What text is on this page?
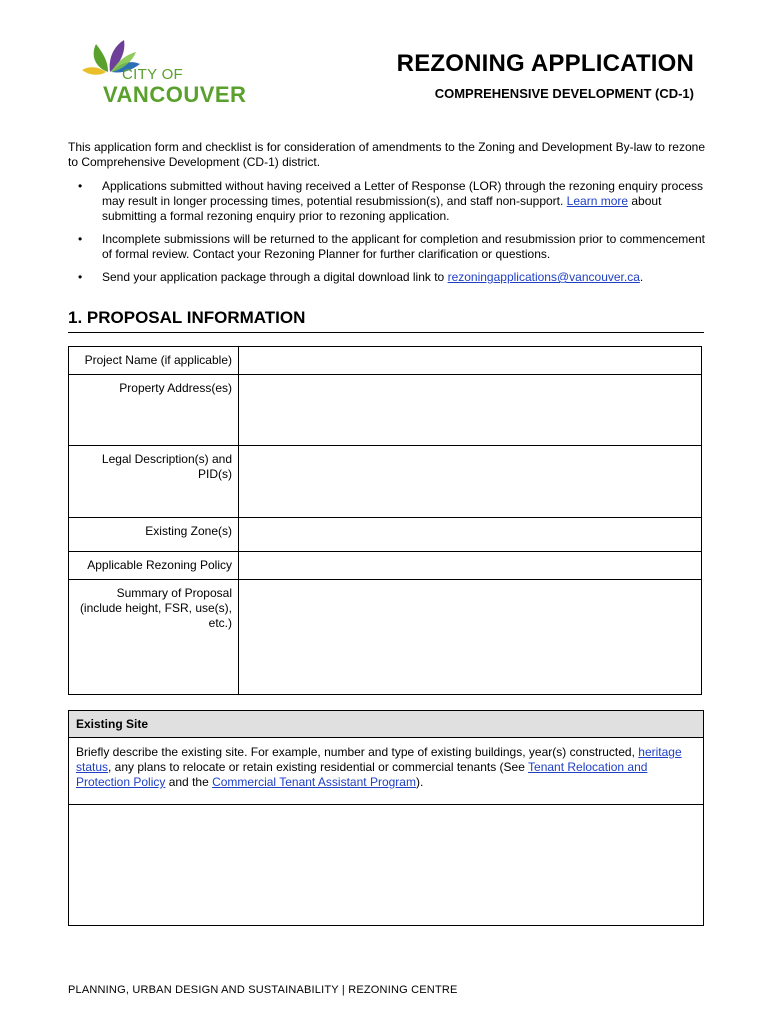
CITY OF
VANCOUVER
REZONING APPLICATION
COMPREHENSIVE DEVELOPMENT (CD-1)
This application form and checklist is for consideration of amendments to the Zoning and Development By-law to rezone to Comprehensive Development (CD-1) district.
• Applications submitted without having received a Letter of Response (LOR) through the rezoning enquiry process may result in longer processing times, potential resubmission(s), and staff non-support. Learn more about submitting a formal rezoning enquiry prior to rezoning application.
• Incomplete submissions will be returned to the applicant for completion and resubmission prior to commencement of formal review. Contact your Rezoning Planner for further clarification or questions.
• Send your application package through a digital download link to rezoningapplications@vancouver.ca.
1. PROPOSAL INFORMATION
Project Name (if applicable)	
Property Address(es)	
Legal Description(s) and PID(s)	
Existing Zone(s)	
Applicable Rezoning Policy	
Summary of Proposal (include height, FSR, use(s), etc.)	
Existing Site
Briefly describe the existing site. For example, number and type of existing buildings, year(s) constructed, heritage status, any plans to relocate or retain existing residential or commercial tenants (See Tenant Relocation and Protection Policy and the Commercial Tenant Assistant Program).
PLANNING, URBAN DESIGN AND SUSTAINABILITY | REZONING CENTRE
